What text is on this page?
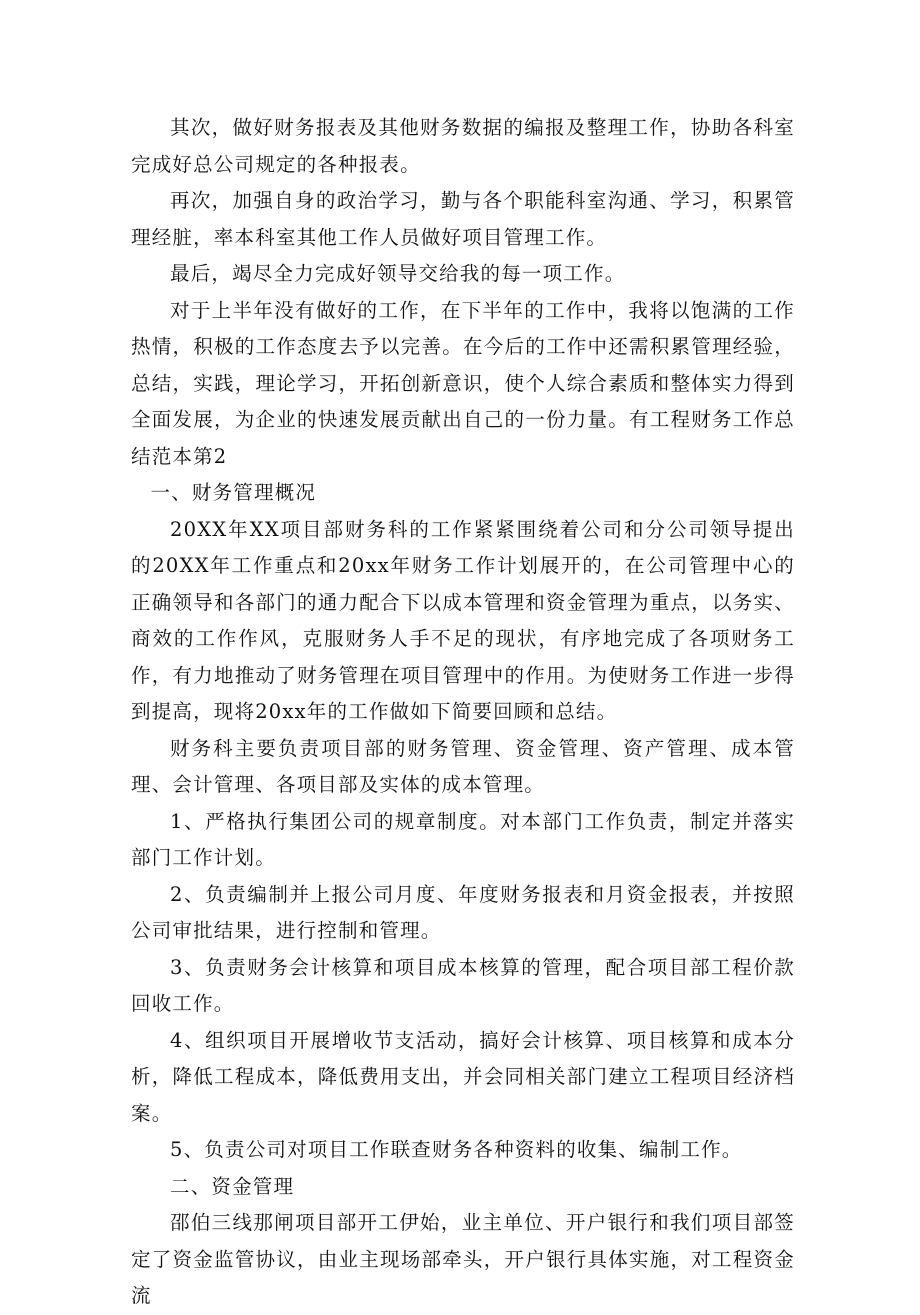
其次，做好财务报表及其他财务数据的编报及整理工作，协助各科室完成好总公司规定的各种报表。

再次，加强自身的政治学习，勤与各个职能科室沟通、学习，积累管理经脏，率本科室其他工作人员做好项目管理工作。

最后，竭尽全力完成好领导交给我的每一项工作。

对于上半年没有做好的工作，在下半年的工作中，我将以饱满的工作热情，积极的工作态度去予以完善。在今后的工作中还需积累管理经验，总结，实践，理论学习，开拓创新意识，使个人综合素质和整体实力得到全面发展，为企业的快速发展贡献出自己的一份力量。有工程财务工作总结范本第2

一、财务管理概况

20XX年XX项目部财务科的工作紧紧围绕着公司和分公司领导提出的20XX年工作重点和20xx年财务工作计划展开的，在公司管理中心的正确领导和各部门的通力配合下以成本管理和资金管理为重点，以务实、商效的工作作风，克服财务人手不足的现状，有序地完成了各项财务工作，有力地推动了财务管理在项目管理中的作用。为使财务工作进一步得到提高，现将20xx年的工作做如下简要回顾和总结。

财务科主要负责项目部的财务管理、资金管理、资产管理、成本管理、会计管理、各项目部及实体的成本管理。

1、严格执行集团公司的规章制度。对本部门工作负责，制定并落实部门工作计划。

2、负责编制并上报公司月度、年度财务报表和月资金报表，并按照公司审批结果，进行控制和管理。

3、负责财务会计核算和项目成本核算的管理，配合项目部工程价款回收工作。

4、组织项目开展增收节支活动，搞好会计核算、项目核算和成本分析，降低工程成本，降低费用支出，并会同相关部门建立工程项目经济档案。

5、负责公司对项目工作联查财务各种资料的收集、编制工作。

二、资金管理

邵伯三线那闸项目部开工伊始，业主单位、开户银行和我们项目部签定了资金监管协议，由业主现场部牵头，开户银行具体实施，对工程资金流
